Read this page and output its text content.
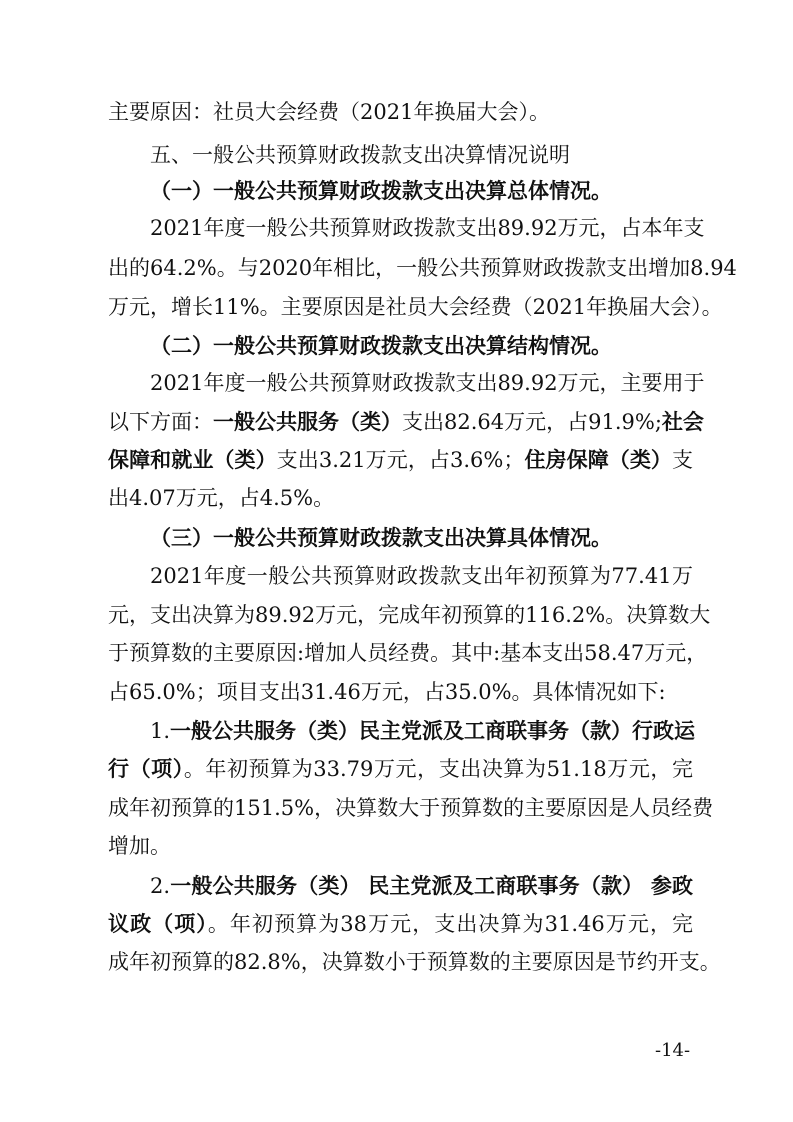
主要原因：社员大会经费（2021年换届大会）。
五、一般公共预算财政拨款支出决算情况说明
（一）一般公共预算财政拨款支出决算总体情况。
2021年度一般公共预算财政拨款支出89.92万元，占本年支
出的64.2%。与2020年相比，一般公共预算财政拨款支出增加8.94
万元，增长11%。主要原因是社员大会经费（2021年换届大会）。
（二）一般公共预算财政拨款支出决算结构情况。
2021年度一般公共预算财政拨款支出89.92万元，主要用于
以下方面：一般公共服务（类）支出82.64万元，占91.9%;社会
保障和就业（类）支出3.21万元，占3.6%；住房保障（类）支
出4.07万元，占4.5%。
（三）一般公共预算财政拨款支出决算具体情况。
2021年度一般公共预算财政拨款支出年初预算为77.41万
元，支出决算为89.92万元，完成年初预算的116.2%。决算数大
于预算数的主要原因:增加人员经费。其中:基本支出58.47万元，
占65.0%；项目支出31.46万元，占35.0%。具体情况如下:
1.一般公共服务（类）民主党派及工商联事务（款）行政运
行（项）。年初预算为33.79万元，支出决算为51.18万元，完
成年初预算的151.5%，决算数大于预算数的主要原因是人员经费
增加。
2.一般公共服务（类） 民主党派及工商联事务（款） 参政
议政（项）。年初预算为38万元，支出决算为31.46万元，完
成年初预算的82.8%，决算数小于预算数的主要原因是节约开支。
-14-
